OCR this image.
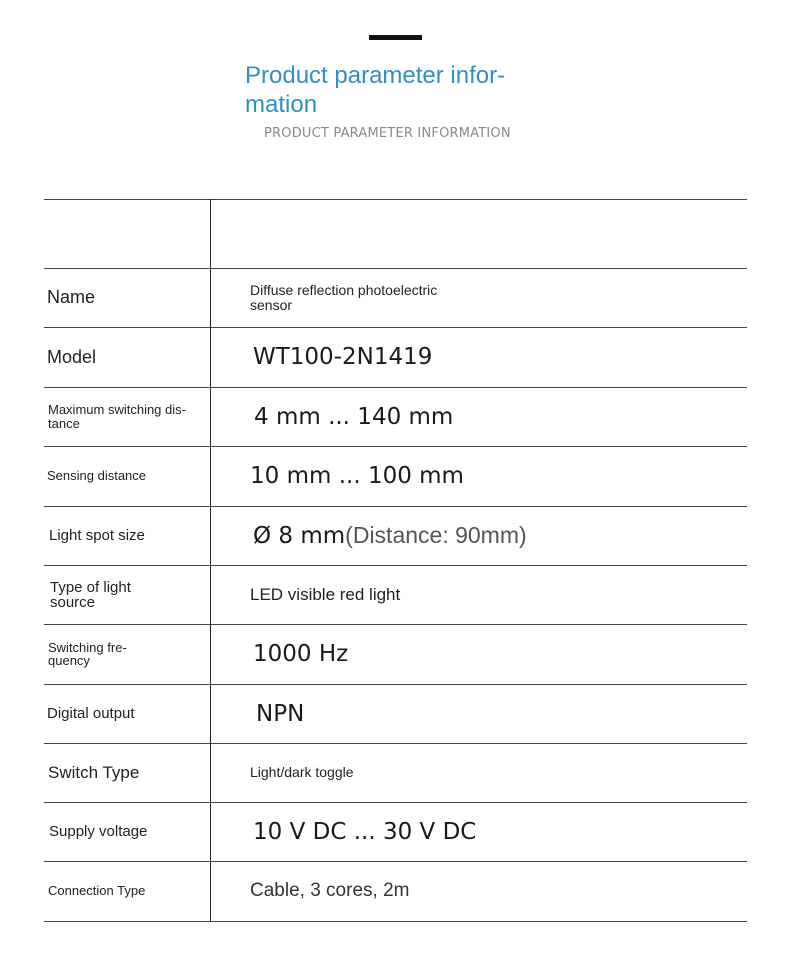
Product parameter infor- mation
PRODUCT PARAMETER INFORMATION
Name	Diffuse reflection photoelectric sensor
Model	WT100-2N1419
Maximum switching dis- tance	4 mm ... 140 mm
Sensing distance	10 mm ... 100 mm
Light spot size	Ø 8 mm (Distance: 90mm)
Type of light source	LED visible red light
Switching fre- quency	1000 Hz
Digital output	NPN
Switch Type	Light/dark toggle
Supply voltage	10 V DC ... 30 V DC
Connection Type	Cable, 3 cores, 2m
